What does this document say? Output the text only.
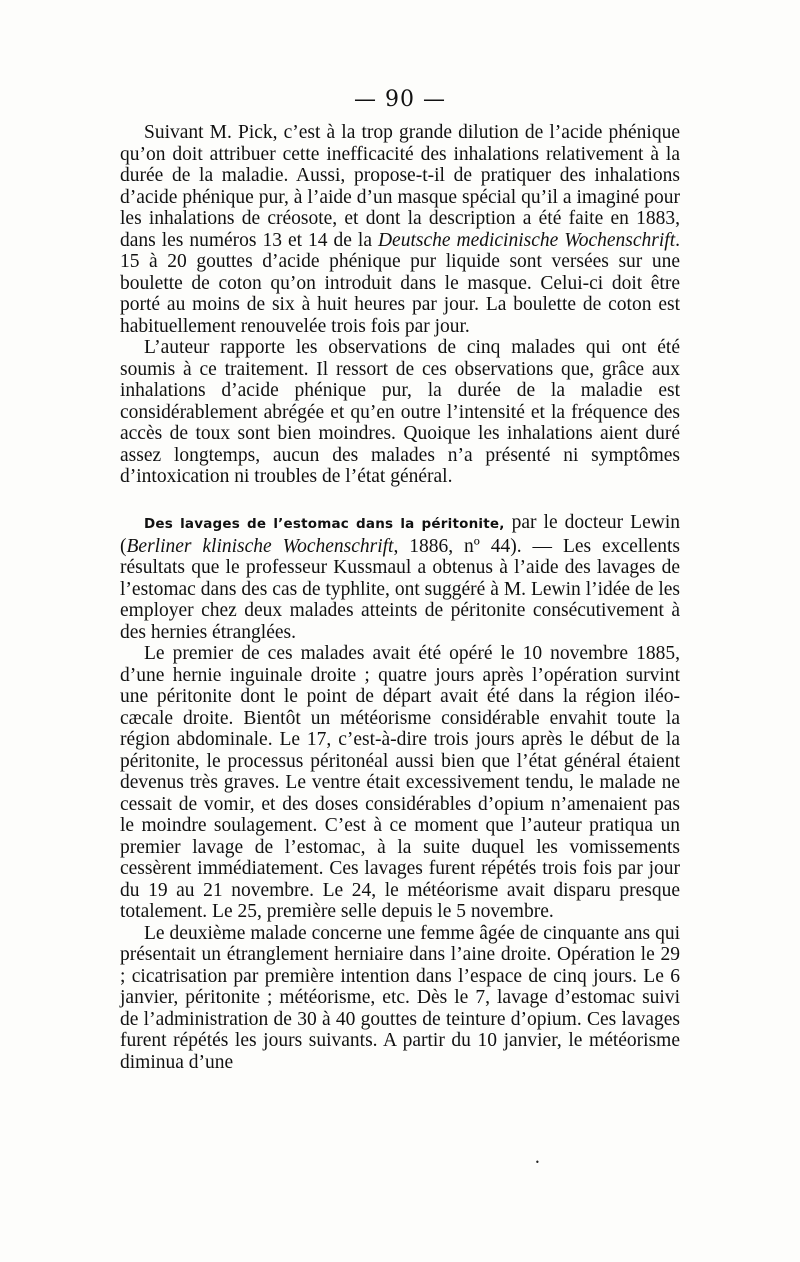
— 90 —

Suivant M. Pick, c’est à la trop grande dilution de l’acide phénique qu’on doit attribuer cette inefficacité des inhalations relativement à la durée de la maladie. Aussi, propose-t-il de pratiquer des inhalations d’acide phénique pur, à l’aide d’un masque spécial qu’il a imaginé pour les inhalations de créosote, et dont la description a été faite en 1883, dans les numéros 13 et 14 de la Deutsche medicinische Wochenschrift. 15 à 20 gouttes d’acide phénique pur liquide sont versées sur une boulette de coton qu’on introduit dans le masque. Celui-ci doit être porté au moins de six à huit heures par jour. La boulette de coton est habituellement renouvelée trois fois par jour.

L’auteur rapporte les observations de cinq malades qui ont été soumis à ce traitement. Il ressort de ces observations que, grâce aux inhalations d’acide phénique pur, la durée de la maladie est considérablement abrégée et qu’en outre l’intensité et la fréquence des accès de toux sont bien moindres. Quoique les inhalations aient duré assez longtemps, aucun des malades n’a présenté ni symptômes d’intoxication ni troubles de l’état général.

Des lavages de l’estomac dans la péritonite, par le docteur Lewin (Berliner klinische Wochenschrift, 1886, nº 44). — Les excellents résultats que le professeur Kussmaul a obtenus à l’aide des lavages de l’estomac dans des cas de typhlite, ont suggéré à M. Lewin l’idée de les employer chez deux malades atteints de péritonite consécutivement à des hernies étranglées.

Le premier de ces malades avait été opéré le 10 novembre 1885, d’une hernie inguinale droite ; quatre jours après l’opération survint une péritonite dont le point de départ avait été dans la région iléo-cæcale droite. Bientôt un météorisme considérable envahit toute la région abdominale. Le 17, c’est-à-dire trois jours après le début de la péritonite, le processus péritonéal aussi bien que l’état général étaient devenus très graves. Le ventre était excessivement tendu, le malade ne cessait de vomir, et des doses considérables d’opium n’amenaient pas le moindre soulagement. C’est à ce moment que l’auteur pratiqua un premier lavage de l’estomac, à la suite duquel les vomissements cessèrent immédiatement. Ces lavages furent répétés trois fois par jour du 19 au 21 novembre. Le 24, le météorisme avait disparu presque totalement. Le 25, première selle depuis le 5 novembre.

Le deuxième malade concerne une femme âgée de cinquante ans qui présentait un étranglement herniaire dans l’aine droite. Opération le 29 ; cicatrisation par première intention dans l’espace de cinq jours. Le 6 janvier, péritonite ; météorisme, etc. Dès le 7, lavage d’estomac suivi de l’administration de 30 à 40 gouttes de teinture d’opium. Ces lavages furent répétés les jours suivants. A partir du 10 janvier, le météorisme diminua d’une

•
